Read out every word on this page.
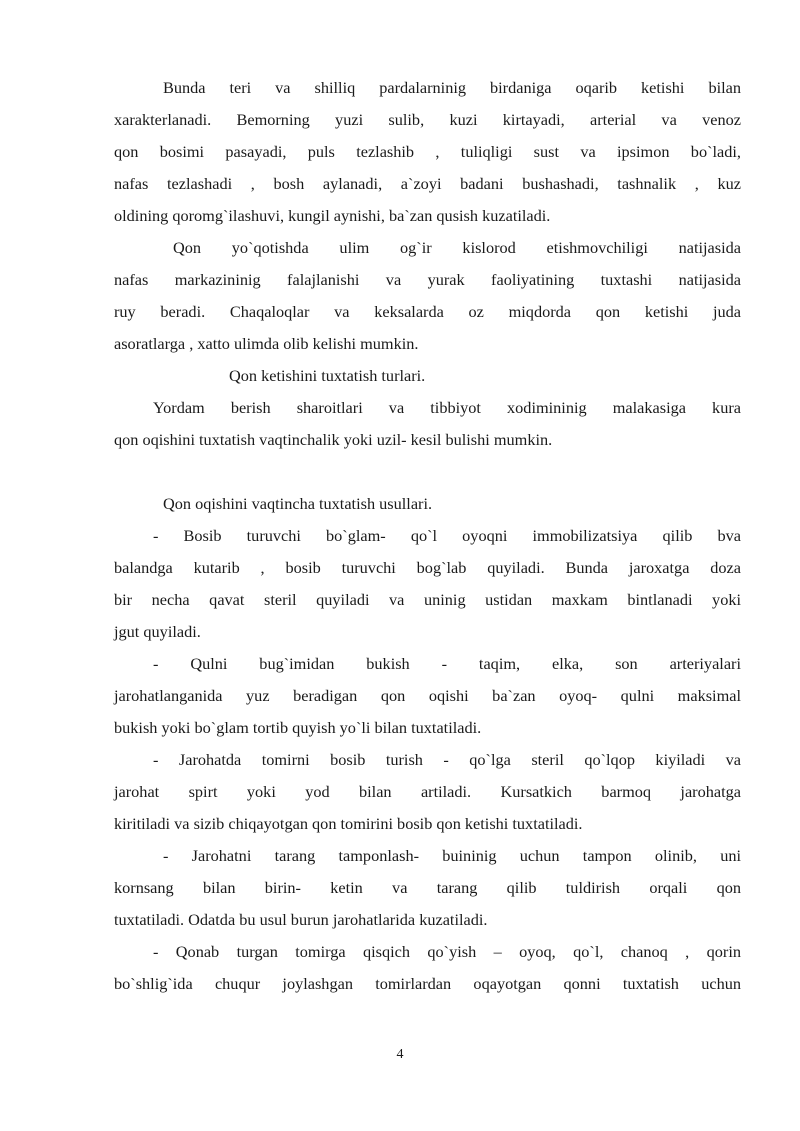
Bunda teri va shilliq pardalarninig birdaniga oqarib ketishi bilan
xarakterlanadi. Bemorning yuzi sulib, kuzi kirtayadi, arterial va venoz
qon bosimi pasayadi, puls tezlashib , tuliqligi sust va ipsimon bo`ladi,
nafas tezlashadi , bosh aylanadi, a`zoyi badani bushashadi, tashnalik , kuz
oldining qoromg`ilashuvi, kungil aynishi, ba`zan qusish kuzatiladi.
Qon yo`qotishda ulim og`ir kislorod etishmovchiligi natijasida
nafas markazininig falajlanishi va yurak faoliyatining tuxtashi natijasida
ruy beradi. Chaqaloqlar va keksalarda oz miqdorda qon ketishi juda
asoratlarga , xatto ulimda olib kelishi mumkin.
Qon ketishini tuxtatish turlari.
Yordam berish sharoitlari va tibbiyot xodimininig malakasiga kura
qon oqishini tuxtatish vaqtinchalik yoki uzil- kesil bulishi mumkin.
Qon oqishini vaqtincha tuxtatish usullari.
- Bosib turuvchi bo`glam- qo`l oyoqni immobilizatsiya qilib bva
balandga kutarib , bosib turuvchi bog`lab quyiladi. Bunda jaroxatga doza
bir necha qavat steril quyiladi va uninig ustidan maxkam bintlanadi yoki
jgut quyiladi.
- Qulni bug`imidan bukish - taqim, elka, son arteriyalari
jarohatlanganida yuz beradigan qon oqishi ba`zan oyoq- qulni maksimal
bukish yoki bo`glam tortib quyish yo`li bilan tuxtatiladi.
- Jarohatda tomirni bosib turish - qo`lga steril qo`lqop kiyiladi va
jarohat spirt yoki yod bilan artiladi. Kursatkich barmoq jarohatga
kiritiladi va sizib chiqayotgan qon tomirini bosib qon ketishi tuxtatiladi.
- Jarohatni tarang tamponlash- buininig uchun tampon olinib, uni
kornsang bilan birin- ketin va tarang qilib tuldirish orqali qon
tuxtatiladi. Odatda bu usul burun jarohatlarida kuzatiladi.
- Qonab turgan tomirga qisqich qo`yish – oyoq, qo`l, chanoq , qorin
bo`shlig`ida chuqur joylashgan tomirlardan oqayotgan qonni tuxtatish uchun
4
